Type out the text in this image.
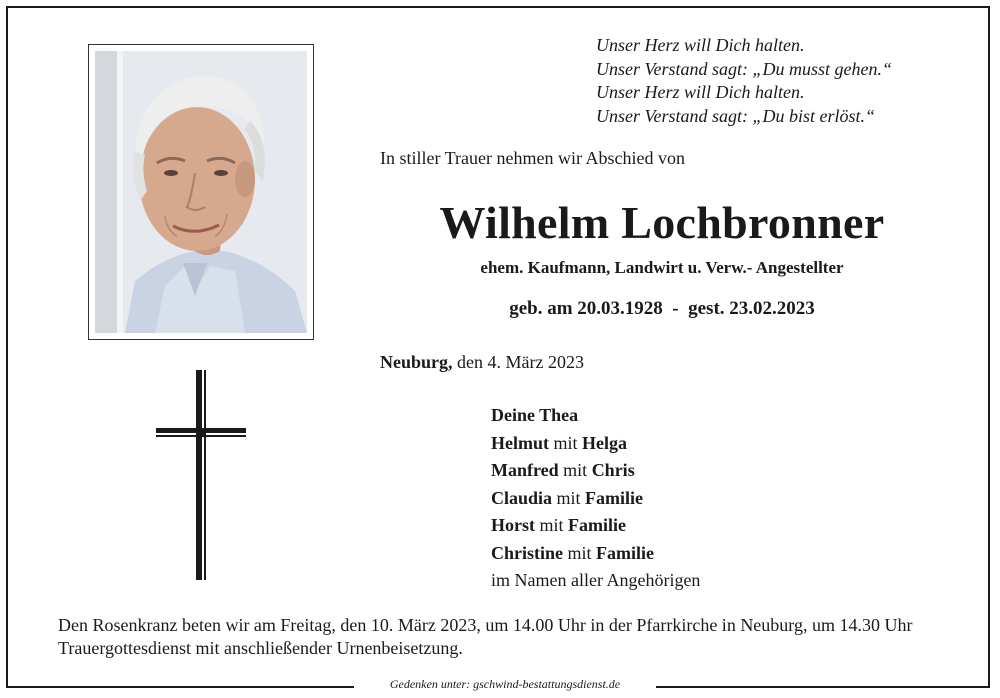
Unser Herz will Dich halten.
Unser Verstand sagt: „Du musst gehen.“
Unser Herz will Dich halten.
Unser Verstand sagt: „Du bist erlöst.“
In stiller Trauer nehmen wir Abschied von
Wilhelm Lochbronner
ehem. Kaufmann, Landwirt u. Verw.- Angestellter
geb. am 20.03.1928  -  gest. 23.02.2023
Neuburg, den 4. März 2023
Deine Thea
Helmut mit Helga
Manfred mit Chris
Claudia mit Familie
Horst mit Familie
Christine mit Familie
im Namen aller Angehörigen
Den Rosenkranz beten wir am Freitag, den 10. März 2023, um 14.00 Uhr in der Pfarrkirche in Neuburg, um 14.30 Uhr Trauergottesdienst mit anschließender Urnenbeisetzung.
Gedenken unter: gschwind-bestattungsdienst.de
